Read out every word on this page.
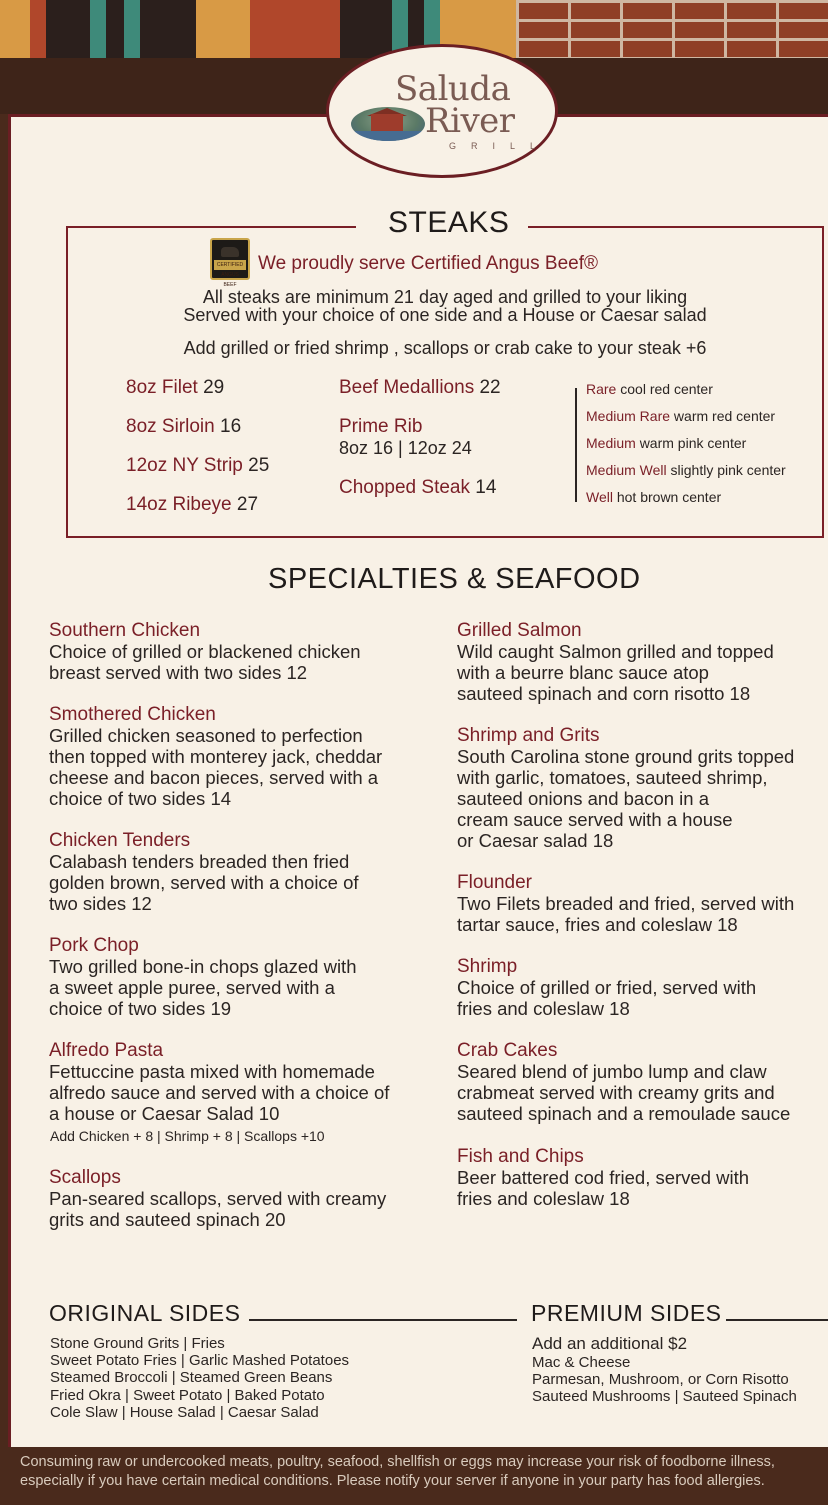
Saluda
River
GRILL
STEAKS
CERTIFIED ANGUS BEEF
We proudly serve Certified Angus Beef®
All steaks are minimum 21 day aged and grilled to your liking
Served with your choice of one side and a House or Caesar salad
Add grilled or fried shrimp , scallops or crab cake to your steak +6
8oz Filet 29
8oz Sirloin 16
12oz NY Strip 25
14oz Ribeye 27
Beef Medallions 22
Prime Rib
8oz 16 | 12oz 24
Chopped Steak 14
Rare cool red center
Medium Rare warm red center
Medium warm pink center
Medium Well slightly pink center
Well hot brown center
SPECIALTIES & SEAFOOD
Southern Chicken
Choice of grilled or blackened chicken
breast served with two sides 12
Smothered Chicken
Grilled chicken seasoned to perfection
then topped with monterey jack, cheddar
cheese and bacon pieces, served with a
choice of two sides 14
Chicken Tenders
Calabash tenders breaded then fried
golden brown, served with a choice of
two sides 12
Pork Chop
Two grilled bone-in chops glazed with
a sweet apple puree, served with a
choice of two sides 19
Alfredo Pasta
Fettuccine pasta mixed with homemade
alfredo sauce and served with a choice of
a house or Caesar Salad 10
Add Chicken + 8 | Shrimp + 8 | Scallops +10
Scallops
Pan-seared scallops, served with creamy
grits and sauteed spinach 20
Grilled Salmon
Wild caught Salmon grilled and topped
with a beurre blanc sauce atop
sauteed spinach and corn risotto 18
Shrimp and Grits
South Carolina stone ground grits topped
with garlic, tomatoes, sauteed shrimp,
sauteed onions and bacon in a
cream sauce served with a house
or Caesar salad 18
Flounder
Two Filets breaded and fried, served with
tartar sauce, fries and coleslaw 18
Shrimp
Choice of grilled or fried, served with
fries and coleslaw 18
Crab Cakes
Seared blend of jumbo lump and claw
crabmeat served with creamy grits and
sauteed spinach and a remoulade sauce
Fish and Chips
Beer battered cod fried, served with
fries and coleslaw 18
ORIGINAL SIDES
Stone Ground Grits | Fries
Sweet Potato Fries | Garlic Mashed Potatoes
Steamed Broccoli | Steamed Green Beans
Fried Okra | Sweet Potato | Baked Potato
Cole Slaw | House Salad | Caesar Salad
PREMIUM SIDES
Add an additional $2
Mac & Cheese
Parmesan, Mushroom, or Corn Risotto
Sauteed Mushrooms | Sauteed Spinach
Consuming raw or undercooked meats, poultry, seafood, shellfish or eggs may increase your risk of foodborne illness,
especially if you have certain medical conditions. Please notify your server if anyone in your party has food allergies.
